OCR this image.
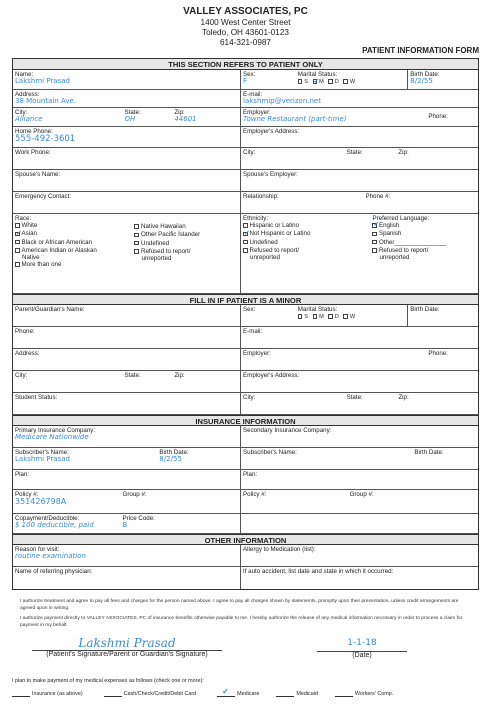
VALLEY ASSOCIATES, PC
1400 West Center Street
Toledo, OH 43601-0123
614-321-0987
PATIENT INFORMATION FORM
THIS SECTION REFERS TO PATIENT ONLY
Name:
Lakshmi Prasad
Sex:
F
Marital Status:
S ✓ M D W
Birth Date:
8/2/55
Address:
38 Mountain Ave.
E-mail:
lakshmip@verizon.net
City:
Alliance
State:
OH
Zip:
44601
Employer:
Towne Restaurant (part-time)	Phone:
Home Phone:
555-492-3601
Employer's Address:
Work Phone:	City:	State:	Zip:
Spouse's Name:	Spouse's Employer:
Emergency Contact:	Relationship:	Phone #:
Race:
White
✓Asian
Black or African American
American Indian or Alaskan Native
More than one
Native Hawaiian
Other Pacific Islander
Undefined
Refused to report/ unreported
Ethnicity:
Hispanic or Latino
✓Not Hispanic or Latino
Undefined
Refused to report/ unreported
Preferred Language:
✓English
Spanish
Other_______________
Refused to report/ unreported
FILL IN IF PATIENT IS A MINOR
Parent/Guardian's Name:	Sex:	Marital Status:
S M D W
Birth Date:
Phone:	E-mail:
Address:	Employer:	Phone:
City:	State:	Zip:	Employer's Address:
Student Status:	City:	State:	Zip:
INSURANCE INFORMATION
Primary Insurance Company:
Medicare Nationwide
Secondary Insurance Company:
Subscriber's Name:
Lakshmi Prasad
Birth Date:
8/2/55
Subscriber's Name:	Birth Date:
Plan:	Plan:
Policy #:
351426798A
Group #:	Policy #:	Group #:
Copayment/Deductible:
$ 100 deductible, paid
Price Code:
B
OTHER INFORMATION
Reason for visit:
routine examination
Allergy to Medication (list):
Name of referring physician:	If auto accident, list date and state in which it occurred:

I authorize treatment and agree to pay all fees and charges for the person named above. I agree to pay all charges shown by statements, promptly upon their presentation, unless credit arrangements are agreed upon in writing.

I authorize payment directly to VALLEY ASSOCIATES, PC of insurance benefits otherwise payable to me. I hereby authorize the release of any medical information necessary in order to process a claim for payment in my behalf.

Lakshmi Prasad
(Patient's Signature/Parent or Guardian's Signature)
1-1-18
(Date)
I plan to make payment of my medical expenses as follows (check one or more):
Insurance (as above)	Cash/Check/Credit/Debit Card ✓	Medicare	Medicaid	Workers' Comp.
